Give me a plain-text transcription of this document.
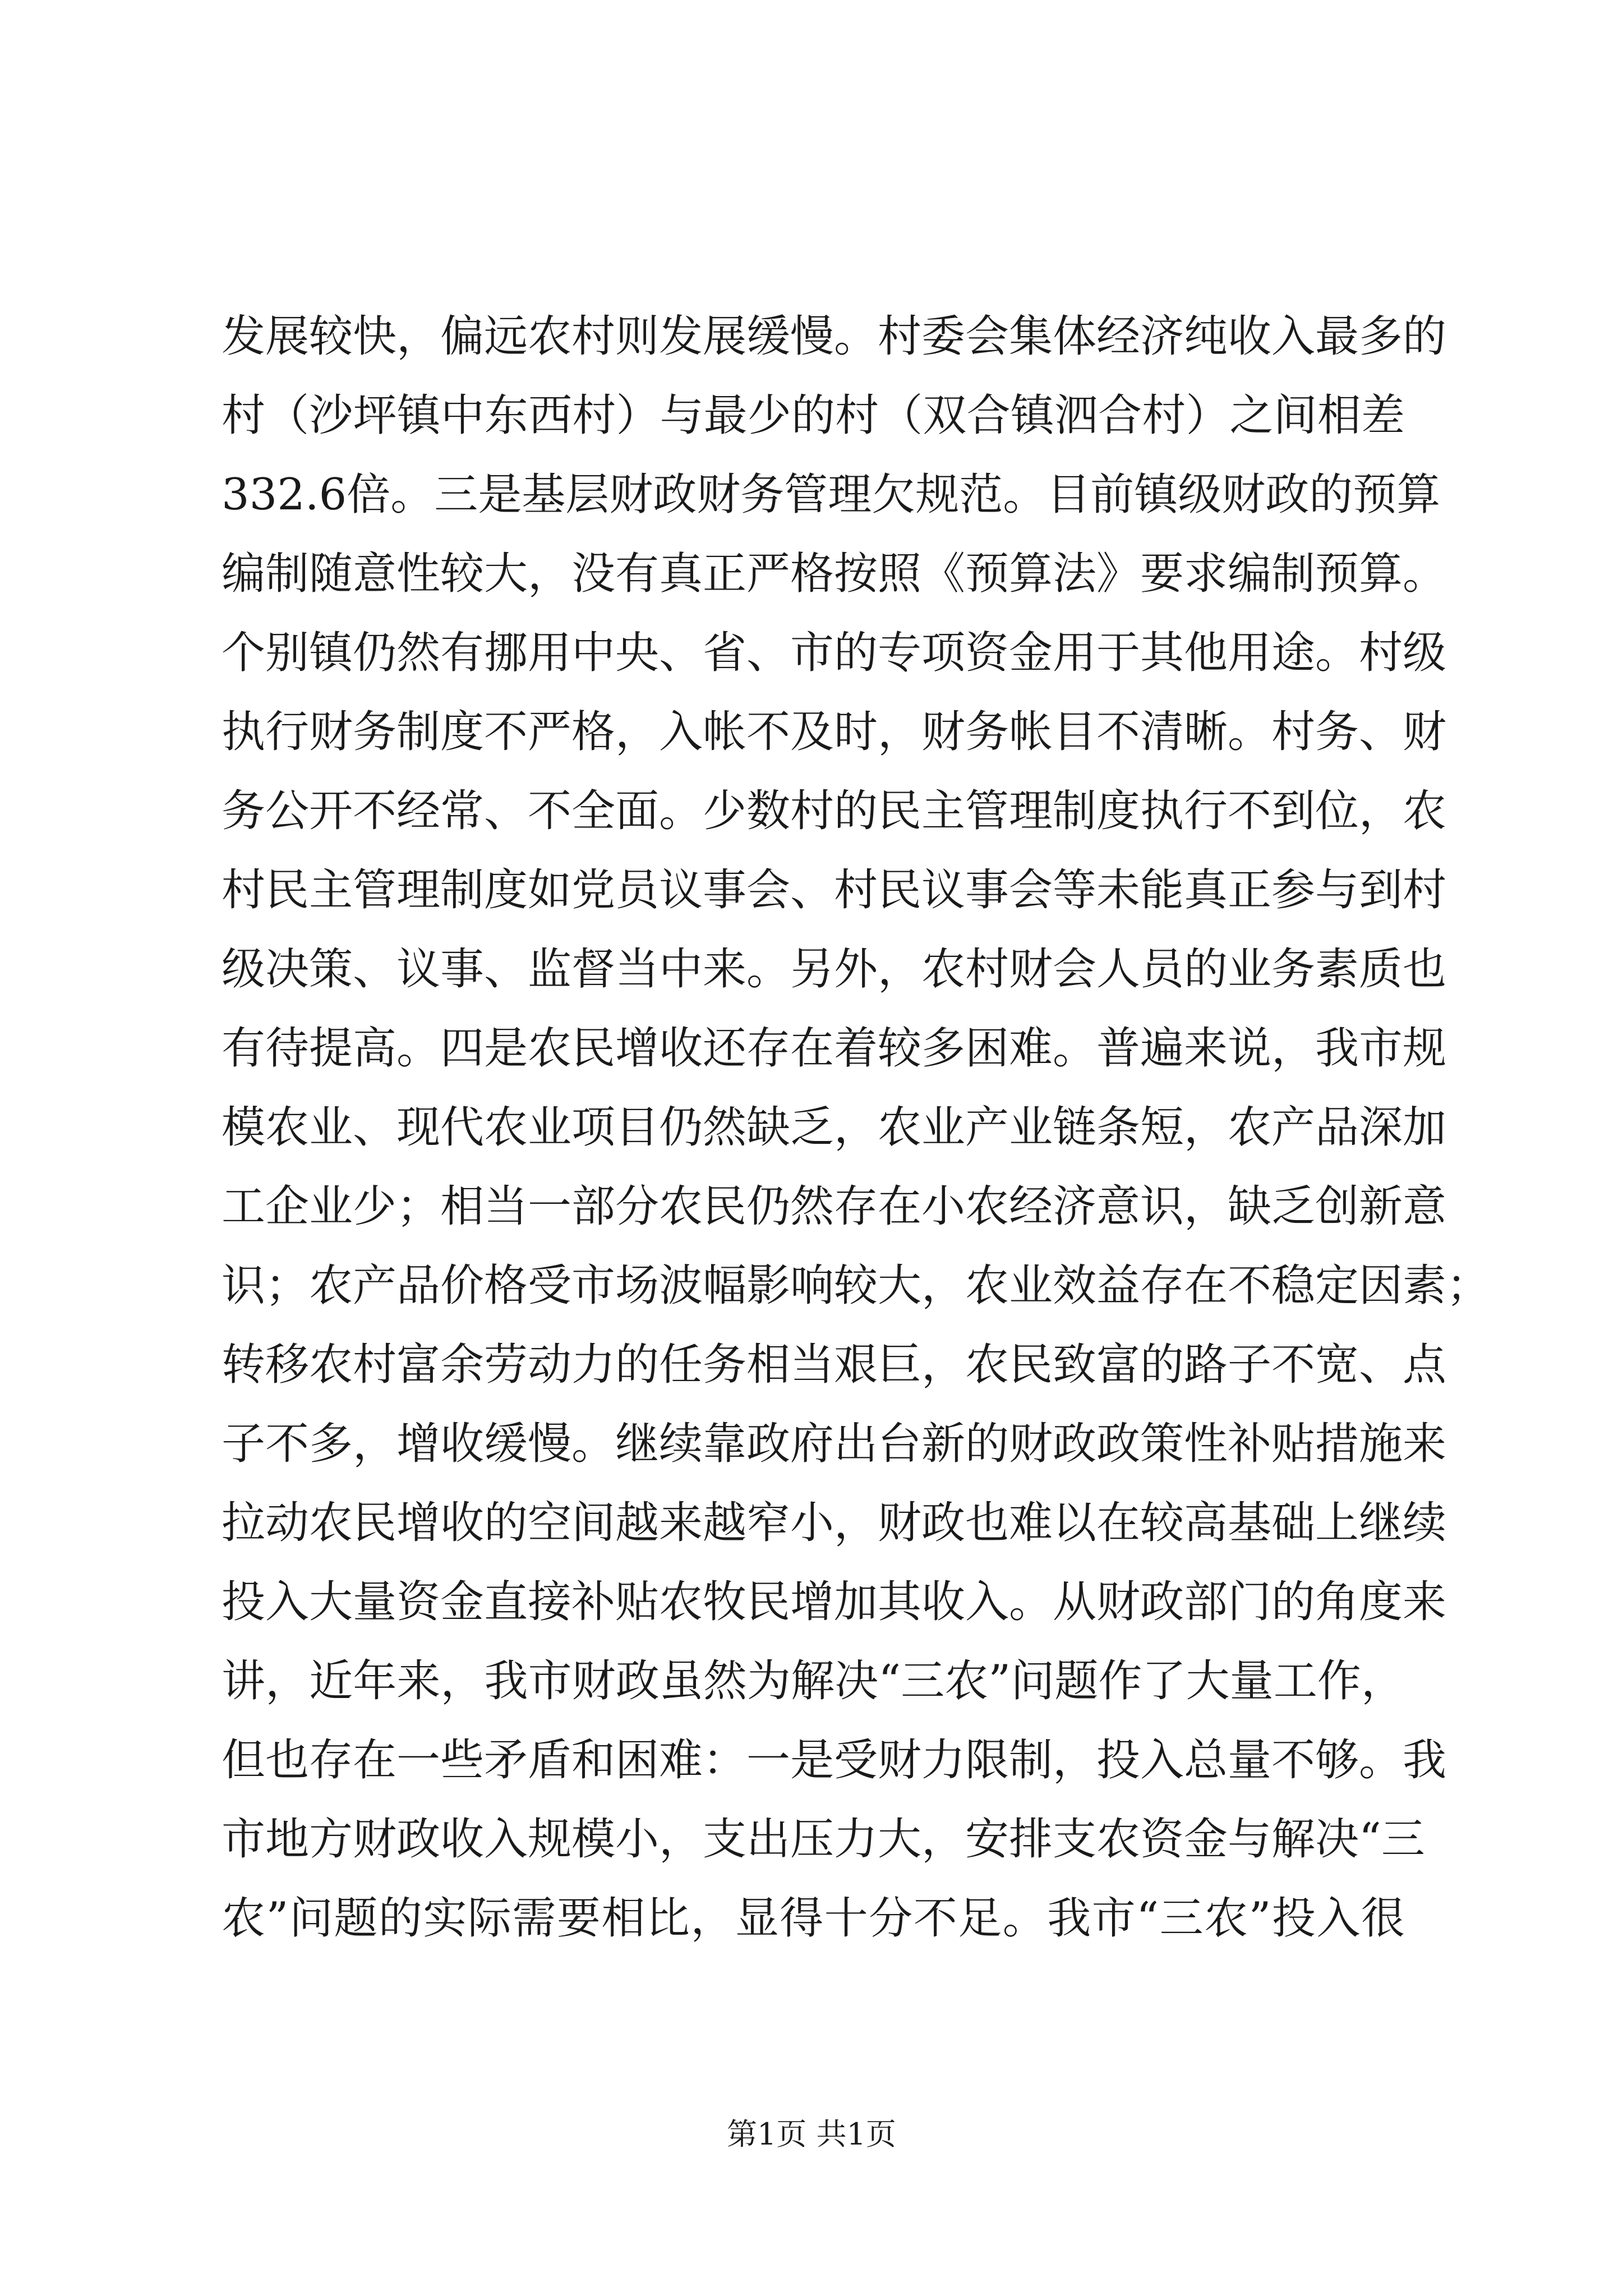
发展较快，偏远农村则发展缓慢。村委会集体经济纯收入最多的
村（沙坪镇中东西村）与最少的村（双合镇泗合村）之间相差
332.6倍。三是基层财政财务管理欠规范。目前镇级财政的预算
编制随意性较大，没有真正严格按照《预算法》要求编制预算。
个别镇仍然有挪用中央、省、市的专项资金用于其他用途。村级
执行财务制度不严格，入帐不及时，财务帐目不清晰。村务、财
务公开不经常、不全面。少数村的民主管理制度执行不到位，农
村民主管理制度如党员议事会、村民议事会等未能真正参与到村
级决策、议事、监督当中来。另外，农村财会人员的业务素质也
有待提高。四是农民增收还存在着较多困难。普遍来说，我市规
模农业、现代农业项目仍然缺乏，农业产业链条短，农产品深加
工企业少；相当一部分农民仍然存在小农经济意识，缺乏创新意
识；农产品价格受市场波幅影响较大，农业效益存在不稳定因素；
转移农村富余劳动力的任务相当艰巨，农民致富的路子不宽、点
子不多，增收缓慢。继续靠政府出台新的财政政策性补贴措施来
拉动农民增收的空间越来越窄小，财政也难以在较高基础上继续
投入大量资金直接补贴农牧民增加其收入。从财政部门的角度来
讲，近年来，我市财政虽然为解决“三农”问题作了大量工作，
但也存在一些矛盾和困难：一是受财力限制，投入总量不够。我
市地方财政收入规模小，支出压力大，安排支农资金与解决“三
农”问题的实际需要相比，显得十分不足。我市“三农”投入很
第1页 共1页
